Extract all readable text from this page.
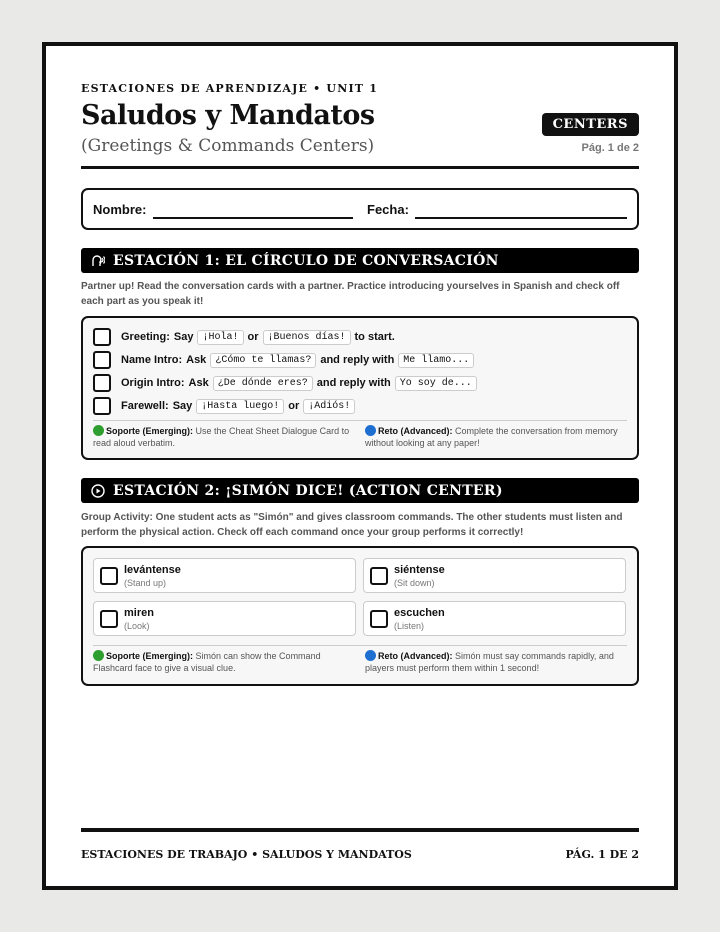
ESTACIONES DE APRENDIZAJE • UNIT 1
Saludos y Mandatos
(Greetings & Commands Centers)
CENTERS
Pág. 1 de 2
Nombre:	Fecha:
ESTACIÓN 1: EL CÍRCULO DE CONVERSACIÓN
Partner up! Read the conversation cards with a partner. Practice introducing yourselves in Spanish and check off each part as you speak it!
Greeting: Say ¡Hola! or ¡Buenos días! to start.
Name Intro: Ask ¿Cómo te llamas? and reply with Me llamo...
Origin Intro: Ask ¿De dónde eres? and reply with Yo soy de...
Farewell: Say ¡Hasta luego! or ¡Adiós!
Soporte (Emerging): Use the Cheat Sheet Dialogue Card to read aloud verbatim.
Reto (Advanced): Complete the conversation from memory without looking at any paper!
ESTACIÓN 2: ¡SIMÓN DICE! (ACTION CENTER)
Group Activity: One student acts as "Simón" and gives classroom commands. The other students must listen and perform the physical action. Check off each command once your group performs it correctly!
levántense
(Stand up)
siéntense
(Sit down)
miren
(Look)
escuchen
(Listen)
Soporte (Emerging): Simón can show the Command Flashcard face to give a visual clue.
Reto (Advanced): Simón must say commands rapidly, and players must perform them within 1 second!
ESTACIONES DE TRABAJO • SALUDOS Y MANDATOS	PÁG. 1 DE 2
